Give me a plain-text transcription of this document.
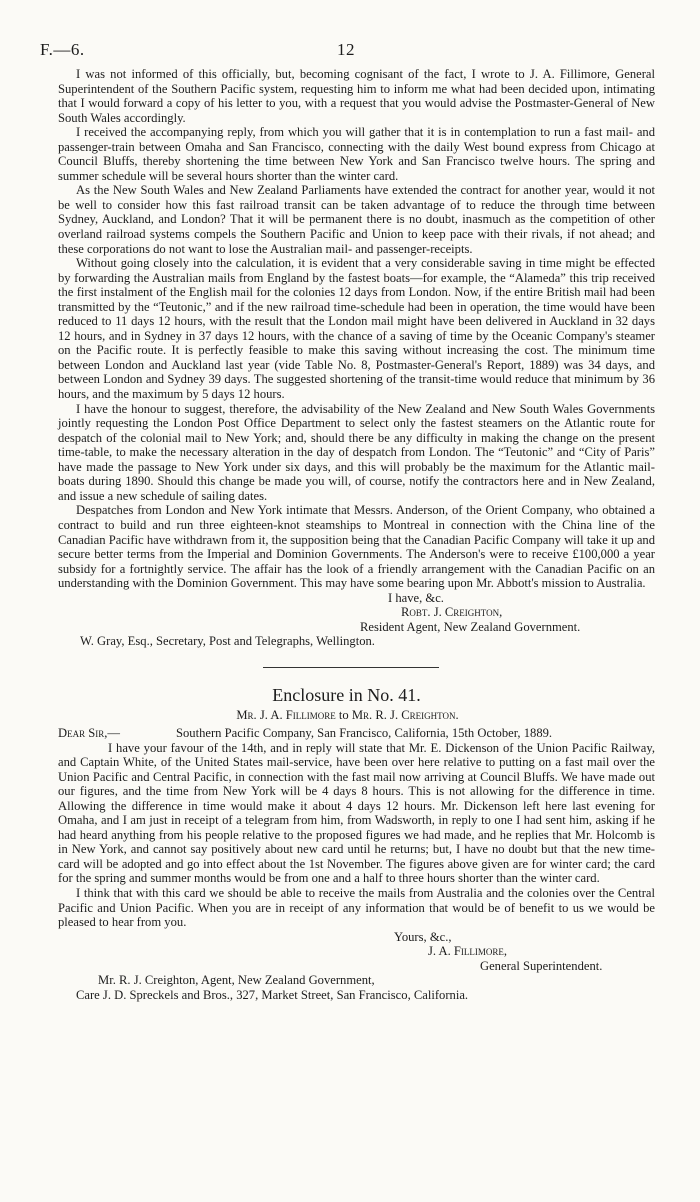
F.—6.	12

I was not informed of this officially, but, becoming cognisant of the fact, I wrote to J. A. Fillimore, General Superintendent of the Southern Pacific system, requesting him to inform me what had been decided upon, intimating that I would forward a copy of his letter to you, with a request that you would advise the Postmaster-General of New South Wales accordingly.

I received the accompanying reply, from which you will gather that it is in contemplation to run a fast mail- and passenger-train between Omaha and San Francisco, connecting with the daily West bound express from Chicago at Council Bluffs, thereby shortening the time between New York and San Francisco twelve hours. The spring and summer schedule will be several hours shorter than the winter card.

As the New South Wales and New Zealand Parliaments have extended the contract for another year, would it not be well to consider how this fast railroad transit can be taken advantage of to reduce the through time between Sydney, Auckland, and London? That it will be permanent there is no doubt, inasmuch as the competition of other overland railroad systems compels the Southern Pacific and Union to keep pace with their rivals, if not ahead; and these corporations do not want to lose the Australian mail- and passenger-receipts.

Without going closely into the calculation, it is evident that a very considerable saving in time might be effected by forwarding the Australian mails from England by the fastest boats—for example, the “Alameda” this trip received the first instalment of the English mail for the colonies 12 days from London. Now, if the entire British mail had been transmitted by the “Teutonic,” and if the new railroad time-schedule had been in operation, the time would have been reduced to 11 days 12 hours, with the result that the London mail might have been delivered in Auckland in 32 days 12 hours, and in Sydney in 37 days 12 hours, with the chance of a saving of time by the Oceanic Company's steamer on the Pacific route. It is perfectly feasible to make this saving without increasing the cost. The minimum time between London and Auckland last year (vide Table No. 8, Postmaster-General's Report, 1889) was 34 days, and between London and Sydney 39 days. The suggested shortening of the transit-time would reduce that minimum by 36 hours, and the maximum by 5 days 12 hours.

I have the honour to suggest, therefore, the advisability of the New Zealand and New South Wales Governments jointly requesting the London Post Office Department to select only the fastest steamers on the Atlantic route for despatch of the colonial mail to New York; and, should there be any difficulty in making the change on the present time-table, to make the necessary alteration in the day of despatch from London. The “Teutonic” and “City of Paris” have made the passage to New York under six days, and this will probably be the maximum for the Atlantic mail-boats during 1890. Should this change be made you will, of course, notify the contractors here and in New Zealand, and issue a new schedule of sailing dates.

Despatches from London and New York intimate that Messrs. Anderson, of the Orient Company, who obtained a contract to build and run three eighteen-knot steamships to Montreal in connection with the China line of the Canadian Pacific have withdrawn from it, the supposition being that the Canadian Pacific Company will take it up and secure better terms from the Imperial and Dominion Governments. The Anderson's were to receive £100,000 a year subsidy for a fortnightly service. The affair has the look of a friendly arrangement with the Canadian Pacific on an understanding with the Dominion Government. This may have some bearing upon Mr. Abbott's mission to Australia.

I have, &c.
Robt. J. Creighton,
Resident Agent, New Zealand Government.

W. Gray, Esq., Secretary, Post and Telegraphs, Wellington.

Enclosure in No. 41.
Mr. J. A. Fillimore to Mr. R. J. Creighton.
Dear Sir,—	Southern Pacific Company, San Francisco, California, 15th October, 1889.

I have your favour of the 14th, and in reply will state that Mr. E. Dickenson of the Union Pacific Railway, and Captain White, of the United States mail-service, have been over here relative to putting on a fast mail over the Union Pacific and Central Pacific, in connection with the fast mail now arriving at Council Bluffs. We have made out our figures, and the time from New York will be 4 days 8 hours. This is not allowing for the difference in time. Allowing the difference in time would make it about 4 days 12 hours. Mr. Dickenson left here last evening for Omaha, and I am just in receipt of a telegram from him, from Wadsworth, in reply to one I had sent him, asking if he had heard anything from his people relative to the proposed figures we had made, and he replies that Mr. Holcomb is in New York, and cannot say positively about new card until he returns; but, I have no doubt but that the new time-card will be adopted and go into effect about the 1st November. The figures above given are for winter card; the card for the spring and summer months would be from one and a half to three hours shorter than the winter card.

I think that with this card we should be able to receive the mails from Australia and the colonies over the Central Pacific and Union Pacific. When you are in receipt of any information that would be of benefit to us we would be pleased to hear from you.

Yours, &c.,
J. A. Fillimore,
General Superintendent.
Mr. R. J. Creighton, Agent, New Zealand Government,
Care J. D. Spreckels and Bros., 327, Market Street, San Francisco, California.
